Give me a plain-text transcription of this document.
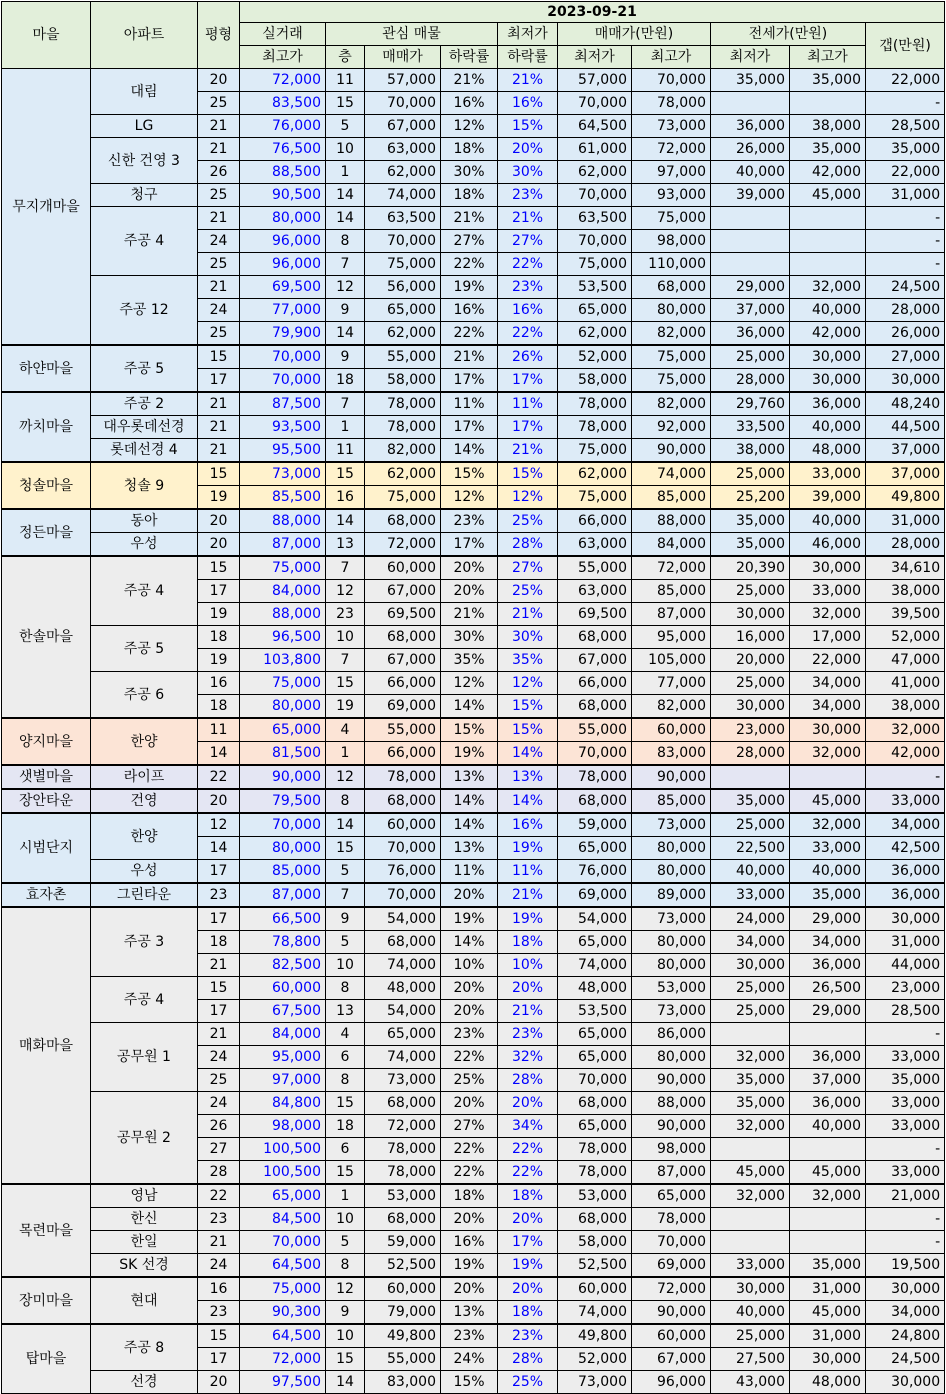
마을	아파트	평형	2023-09-21									
			실거래	관심 매물			최저가	매매가(만원)		전세가(만원)		갭(만원)
			최고가	층	매매가	하락률	하락률	최저가	최고가	최저가	최고가	
무지개마을	대림	20	72,000	11	57,000	21%	21%	57,000	70,000	35,000	35,000	22,000
		25	83,500	15	70,000	16%	16%	70,000	78,000			-
	LG	21	76,000	5	67,000	12%	15%	64,500	73,000	36,000	38,000	28,500
	신한 건영 3	21	76,500	10	63,000	18%	20%	61,000	72,000	26,000	35,000	35,000
		26	88,500	1	62,000	30%	30%	62,000	97,000	40,000	42,000	22,000
	청구	25	90,500	14	74,000	18%	23%	70,000	93,000	39,000	45,000	31,000
	주공 4	21	80,000	14	63,500	21%	21%	63,500	75,000			-
		24	96,000	8	70,000	27%	27%	70,000	98,000			-
		25	96,000	7	75,000	22%	22%	75,000	110,000			-
	주공 12	21	69,500	12	56,000	19%	23%	53,500	68,000	29,000	32,000	24,500
		24	77,000	9	65,000	16%	16%	65,000	80,000	37,000	40,000	28,000
		25	79,900	14	62,000	22%	22%	62,000	82,000	36,000	42,000	26,000
하얀마을	주공 5	15	70,000	9	55,000	21%	26%	52,000	75,000	25,000	30,000	27,000
		17	70,000	18	58,000	17%	17%	58,000	75,000	28,000	30,000	30,000
까치마을	주공 2	21	87,500	7	78,000	11%	11%	78,000	82,000	29,760	36,000	48,240
	대우롯데선경	21	93,500	1	78,000	17%	17%	78,000	92,000	33,500	40,000	44,500
	롯데선경 4	21	95,500	11	82,000	14%	21%	75,000	90,000	38,000	48,000	37,000
청솔마을	청솔 9	15	73,000	15	62,000	15%	15%	62,000	74,000	25,000	33,000	37,000
		19	85,500	16	75,000	12%	12%	75,000	85,000	25,200	39,000	49,800
정든마을	동아	20	88,000	14	68,000	23%	25%	66,000	88,000	35,000	40,000	31,000
	우성	20	87,000	13	72,000	17%	28%	63,000	84,000	35,000	46,000	28,000
한솔마을	주공 4	15	75,000	7	60,000	20%	27%	55,000	72,000	20,390	30,000	34,610
		17	84,000	12	67,000	20%	25%	63,000	85,000	25,000	33,000	38,000
		19	88,000	23	69,500	21%	21%	69,500	87,000	30,000	32,000	39,500
	주공 5	18	96,500	10	68,000	30%	30%	68,000	95,000	16,000	17,000	52,000
		19	103,800	7	67,000	35%	35%	67,000	105,000	20,000	22,000	47,000
	주공 6	16	75,000	15	66,000	12%	12%	66,000	77,000	25,000	34,000	41,000
		18	80,000	19	69,000	14%	15%	68,000	82,000	30,000	34,000	38,000
양지마을	한양	11	65,000	4	55,000	15%	15%	55,000	60,000	23,000	30,000	32,000
		14	81,500	1	66,000	19%	14%	70,000	83,000	28,000	32,000	42,000
샛별마을	라이프	22	90,000	12	78,000	13%	13%	78,000	90,000			-
장안타운	건영	20	79,500	8	68,000	14%	14%	68,000	85,000	35,000	45,000	33,000
시범단지	한양	12	70,000	14	60,000	14%	16%	59,000	73,000	25,000	32,000	34,000
		14	80,000	15	70,000	13%	19%	65,000	80,000	22,500	33,000	42,500
	우성	17	85,000	5	76,000	11%	11%	76,000	80,000	40,000	40,000	36,000
효자촌	그린타운	23	87,000	7	70,000	20%	21%	69,000	89,000	33,000	35,000	36,000
매화마을	주공 3	17	66,500	9	54,000	19%	19%	54,000	73,000	24,000	29,000	30,000
		18	78,800	5	68,000	14%	18%	65,000	80,000	34,000	34,000	31,000
		21	82,500	10	74,000	10%	10%	74,000	80,000	30,000	36,000	44,000
	주공 4	15	60,000	8	48,000	20%	20%	48,000	53,000	25,000	26,500	23,000
		17	67,500	13	54,000	20%	21%	53,500	73,000	25,000	29,000	28,500
	공무원 1	21	84,000	4	65,000	23%	23%	65,000	86,000			-
		24	95,000	6	74,000	22%	32%	65,000	80,000	32,000	36,000	33,000
		25	97,000	8	73,000	25%	28%	70,000	90,000	35,000	37,000	35,000
	공무원 2	24	84,800	15	68,000	20%	20%	68,000	88,000	35,000	36,000	33,000
		26	98,000	18	72,000	27%	34%	65,000	90,000	32,000	40,000	33,000
		27	100,500	6	78,000	22%	22%	78,000	98,000			-
		28	100,500	15	78,000	22%	22%	78,000	87,000	45,000	45,000	33,000
목련마을	영남	22	65,000	1	53,000	18%	18%	53,000	65,000	32,000	32,000	21,000
	한신	23	84,500	10	68,000	20%	20%	68,000	78,000			-
	한일	21	70,000	5	59,000	16%	17%	58,000	70,000			-
	SK 선경	24	64,500	8	52,500	19%	19%	52,500	69,000	33,000	35,000	19,500
장미마을	현대	16	75,000	12	60,000	20%	20%	60,000	72,000	30,000	31,000	30,000
		23	90,300	9	79,000	13%	18%	74,000	90,000	40,000	45,000	34,000
탑마을	주공 8	15	64,500	10	49,800	23%	23%	49,800	60,000	25,000	31,000	24,800
		17	72,000	15	55,000	24%	28%	52,000	67,000	27,500	30,000	24,500
	선경	20	97,500	14	83,000	15%	25%	73,000	96,000	43,000	48,000	30,000
